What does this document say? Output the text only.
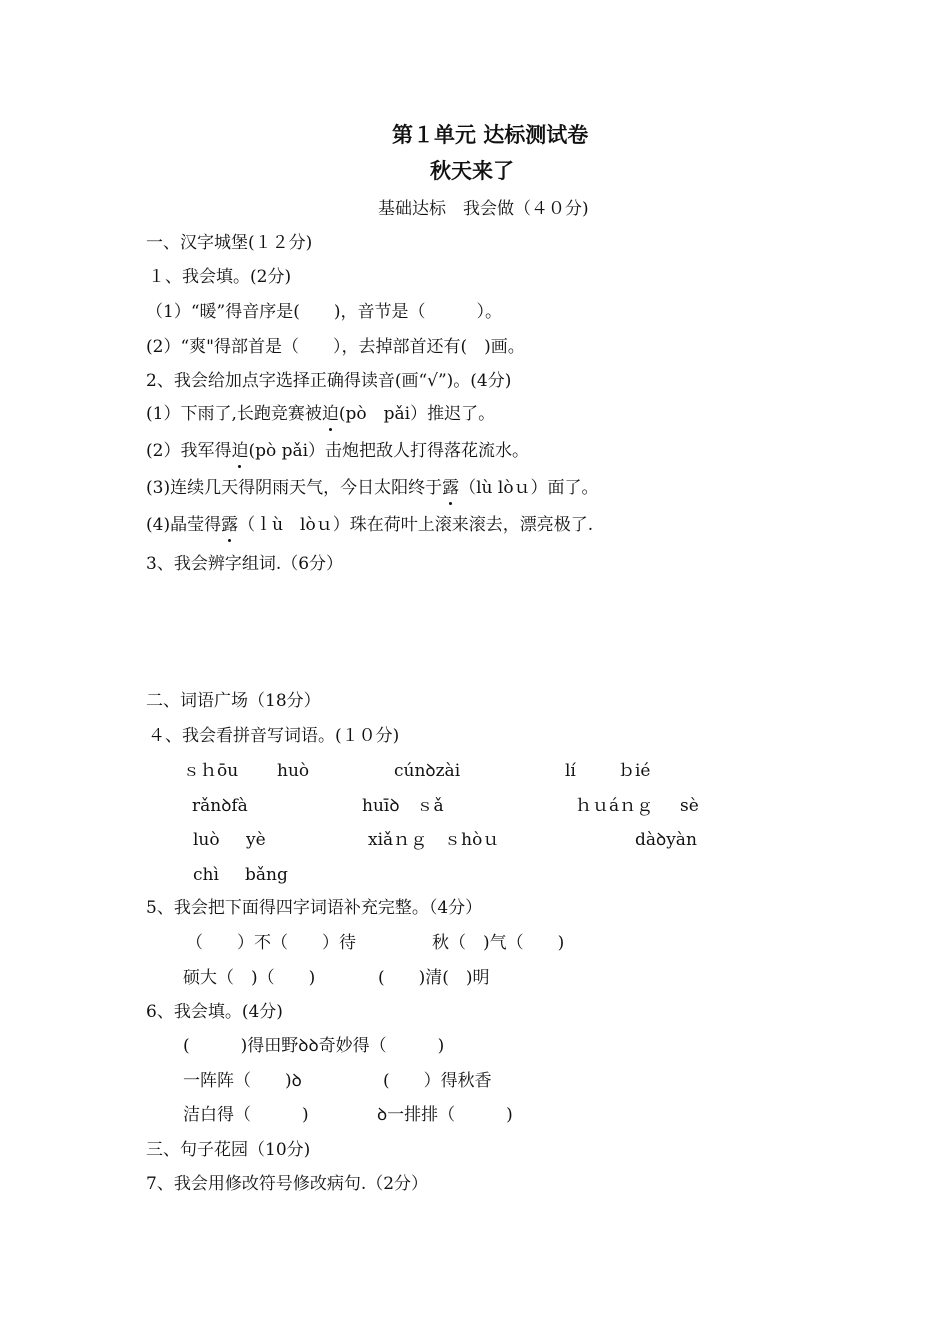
第１单元 达标测试卷
秋天来了
基础达标　我会做（４０分)
一、汉字城堡(１２分)
１、我会填。(2分)
（1）“暖”得音序是(　　)，音节是（　　　）。
(2）“爽"得部首是（　　），去掉部首还有(　)画。
2、我会给加点字选择正确得读音(画“√”)。(4分)
(1）下雨了,长跑竞赛被迫(pò　pǎi）推迟了。
(2）我军得迫(pò pǎi）击炮把敌人打得落花流水。
(3)连续几天得阴雨天气，今日太阳终于露（lù lòｕ）面了。
(4)晶莹得露（ｌù　lòｕ）珠在荷叶上滚来滚去，漂亮极了.
3、我会辨字组词.（6分）
二、词语广场（18分）
４、我会看拼音写词语。(１０分)
ｓｈōu huò	cúnꝺzài	lí ｂié
rǎnꝺfà	huīꝺ　ｓǎ	ｈｕáｎｇ sè
luò yè	xiǎｎｇ　ｓhòｕ	dàꝺyàn
chì bǎng
5、我会把下面得四字词语补充完整。（4分）
（　　）不（　　）待	秋（　)气（　　)
硕大（　)（　　)	(　　)清(　)明
6、我会填。(4分)
(　　　)得田野ꝺꝺ奇妙得（　　　)
一阵阵（　　)ꝺ	(　　）得秋香
洁白得（　　　)	ꝺ一排排（　　　)
三、句子花园（10分)
7、我会用修改符号修改病句.（2分）
